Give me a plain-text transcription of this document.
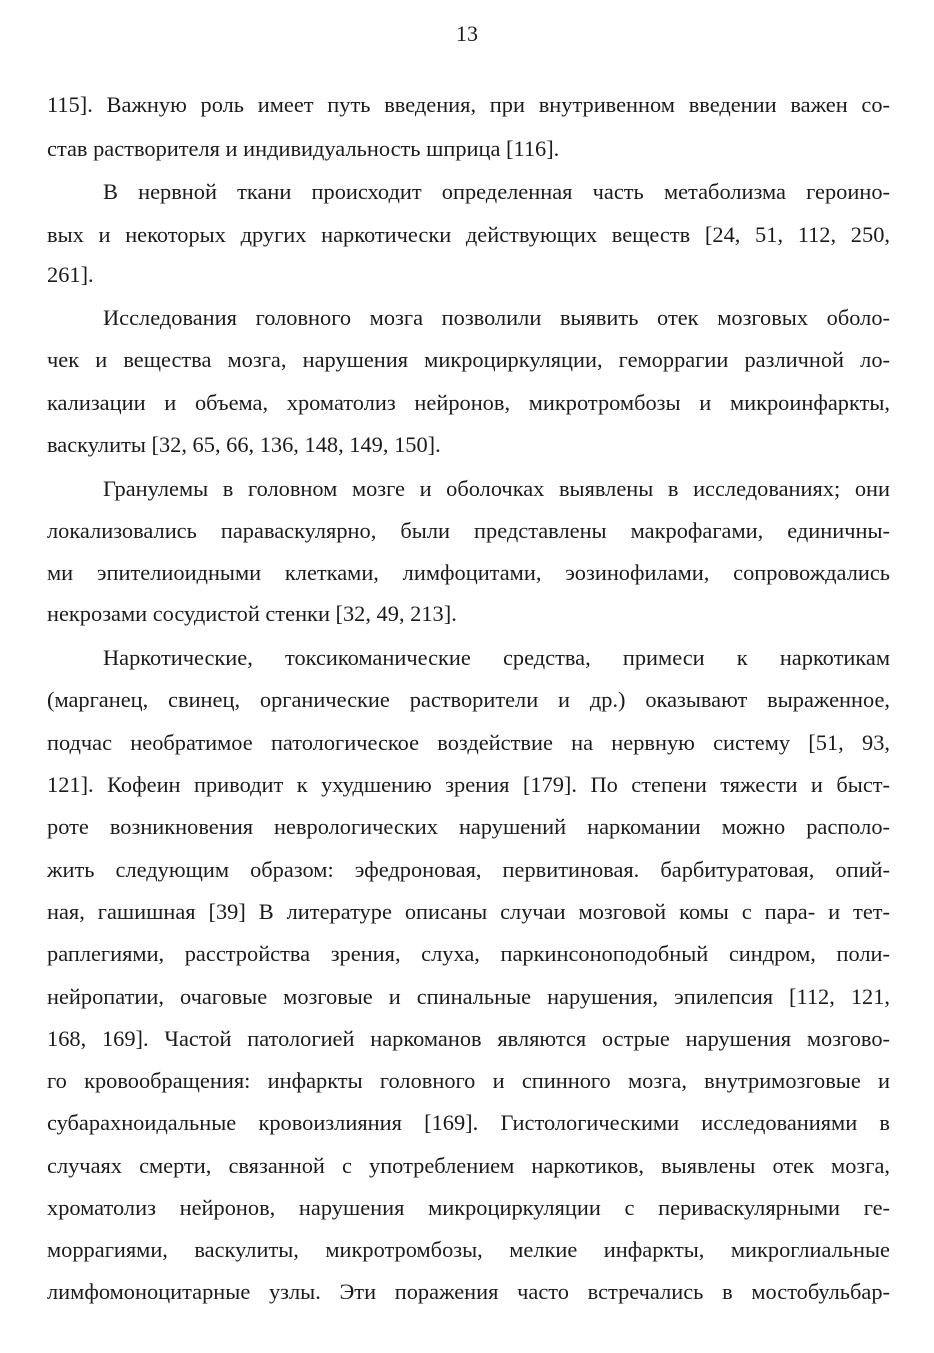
13
115]. Важную роль имеет путь введения, при внутривенном введении важен со-
став растворителя и индивидуальность шприца [116].
В нервной ткани происходит определенная часть метаболизма героино-
вых и некоторых других наркотически действующих веществ [24, 51, 112, 250,
261].
Исследования головного мозга позволили выявить отек мозговых оболо-
чек и вещества мозга, нарушения микроциркуляции, геморрагии различной ло-
кализации и объема, хроматолиз нейронов, микротромбозы и микроинфаркты,
васкулиты [32, 65, 66, 136, 148, 149, 150].
Гранулемы в головном мозге и оболочках выявлены в исследованиях; они
локализовались параваскулярно, были представлены макрофагами, единичны-
ми эпителиоидными клетками, лимфоцитами, эозинофилами, сопровождались
некрозами сосудистой стенки [32, 49, 213].
Наркотические, токсикоманические средства, примеси к наркотикам
(марганец, свинец, органические растворители и др.) оказывают выраженное,
подчас необратимое патологическое воздействие на нервную систему [51, 93,
121]. Кофеин приводит к ухудшению зрения [179]. По степени тяжести и быст-
роте возникновения неврологических нарушений наркомании можно располо-
жить следующим образом: эфедроновая, первитиновая. барбитуратовая, опий-
ная, гашишная [39] В литературе описаны случаи мозговой комы с пара- и тет-
раплегиями, расстройства зрения, слуха, паркинсоноподобный синдром, поли-
нейропатии, очаговые мозговые и спинальные нарушения, эпилепсия [112, 121,
168, 169]. Частой патологией наркоманов являются острые нарушения мозгово-
го кровообращения: инфаркты головного и спинного мозга, внутримозговые и
субарахноидальные кровоизлияния [169]. Гистологическими исследованиями в
случаях смерти, связанной с употреблением наркотиков, выявлены отек мозга,
хроматолиз нейронов, нарушения микроциркуляции с периваскулярными ге-
моррагиями, васкулиты, микротромбозы, мелкие инфаркты, микроглиальные
лимфомоноцитарные узлы. Эти поражения часто встречались в мостобульбар-
